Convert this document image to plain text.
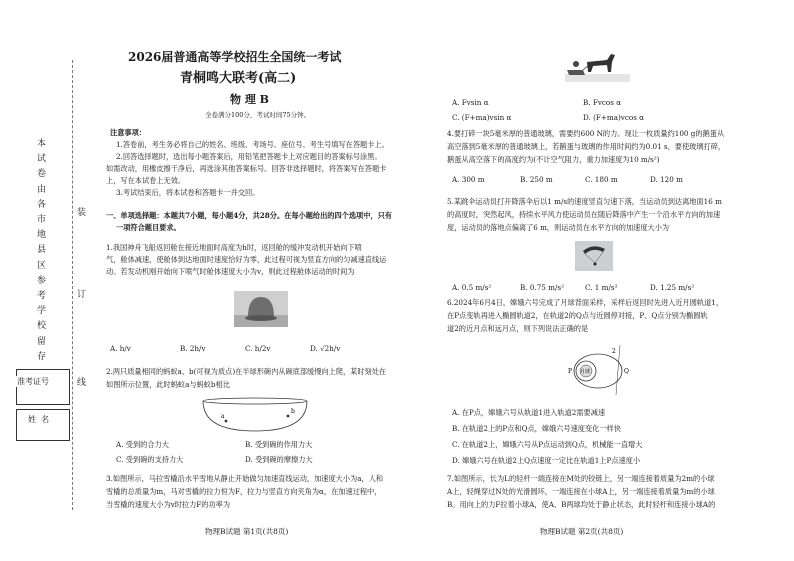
本
试
卷
由
各
市
地
县
区
参
考
学
校
留
存
装
订
线
准考证号
姓  名
2026届普通高等学校招生全国统一考试
青桐鸣大联考(高二)
物 理 B
全卷满分100分，考试时间75分钟。
注意事项：
1.答卷前，考生务必将自己的姓名、班级、考场号、座位号、考生号填写在答题卡上。
2.回答选择题时，选出每小题答案后，用铅笔把答题卡上对应题目的答案标号涂黑。
如需改动，用橡皮擦干净后，再选涂其他答案标号。回答非选择题时，将答案写在答题卡
上，写在本试卷上无效。
3.考试结束后，将本试卷和答题卡一并交回。
一、单项选择题：本题共7小题，每小题4分，共28分。在每小题给出的四个选项中，只有
一项符合题目要求。
1.我国神舟飞船返回舱在接近地面时高度为h时，返回舱的缓冲发动机开始向下喷
气，舱体减速，使舱体到达地面时速度恰好为零，此过程可视为竖直方向的匀减速直线运
动。若发动机刚开始向下喷气时舱体速度大小为v，则此过程舱体运动的时间为
A. h/v	B. 2h/v	C. h/2v	D. √2h/v
2.两只质量相同的蚂蚁a、b(可视为质点)在半球形碗内从碗底部缓慢向上爬，某时刻处在
如图所示位置，此时蚂蚁a与蚂蚁b相比
a
b
A. 受到的合力大	B. 受到碗的作用力大
C. 受到碗的支持力大	D. 受到碗的摩擦力大
3.如图所示，马拉雪橇沿水平雪地从静止开始做匀加速直线运动，加速度大小为a，人和
雪橇的总质量为m，马对雪橇的拉力恒为F，拉力与竖直方向夹角为α，在加速过程中，
当雪橇的速度大小为v时拉力F的功率为
物理B试题 第1页(共8页)
A. Fvsin α	B. Fvcos α
C. (F+ma)vsin α	D. (F+ma)vcos α
4.要打碎一块5毫米厚的普通玻璃，需要约600 N的力。现让一枚质量约100 g的鹅蛋从
高空落到5毫米厚的普通玻璃上，若鹅蛋与玻璃的作用时间约为0.01 s，要使玻璃打碎，
鹅蛋从高空落下的高度约为(不计空气阻力，重力加速度为10 m/s²)
A. 300 m	B. 250 m	C. 180 m	D. 120 m
5.某跳伞运动员打开降落伞后以1 m/s的速度竖直匀速下落，当运动员到达离地面16 m
的高度时，突然起风，持续水平风力使运动员在随后降落中产生一个沿水平方向的加速
度，运动员的落地点偏离了6 m，则运动员在水平方向的加速度大小为
A. 0.5 m/s²	B. 0.75 m/s²	C. 1 m/s²	D. 1.25 m/s²
6.2024年6月4日，嫦娥六号完成了月球背面采样，采样后返回时先进入近月圆轨道1，
在P点变轨再进入椭圆轨道2，在轨道2的Q点与近圆停对接，P、Q点分别为椭圆轨
道2的近月点和远月点，则下列说法正确的是
月球
P	Q
2
A. 在P点，嫦娥六号从轨道1进入轨道2需要减速
B. 在轨道2上的P点和Q点，嫦娥六号速度变化一样快
C. 在轨道2上，嫦娥六号从P点运动到Q点，机械能一直增大
D. 嫦娥六号在轨道2上Q点速度一定比在轨道1上P点速度小
7.如图所示，长为L的轻杆一端连接在M处的铰链上，另一端连接着质量为2m的小球
A上，轻绳穿过N处的光滑圆环，一端连接在小球A上，另一端连接着质量为m的小球
B。用向上的力F拉着小球A，使A、B两球均处于静止状态，此时轻杆和连接小球A的
物理B试题 第2页(共8页)
